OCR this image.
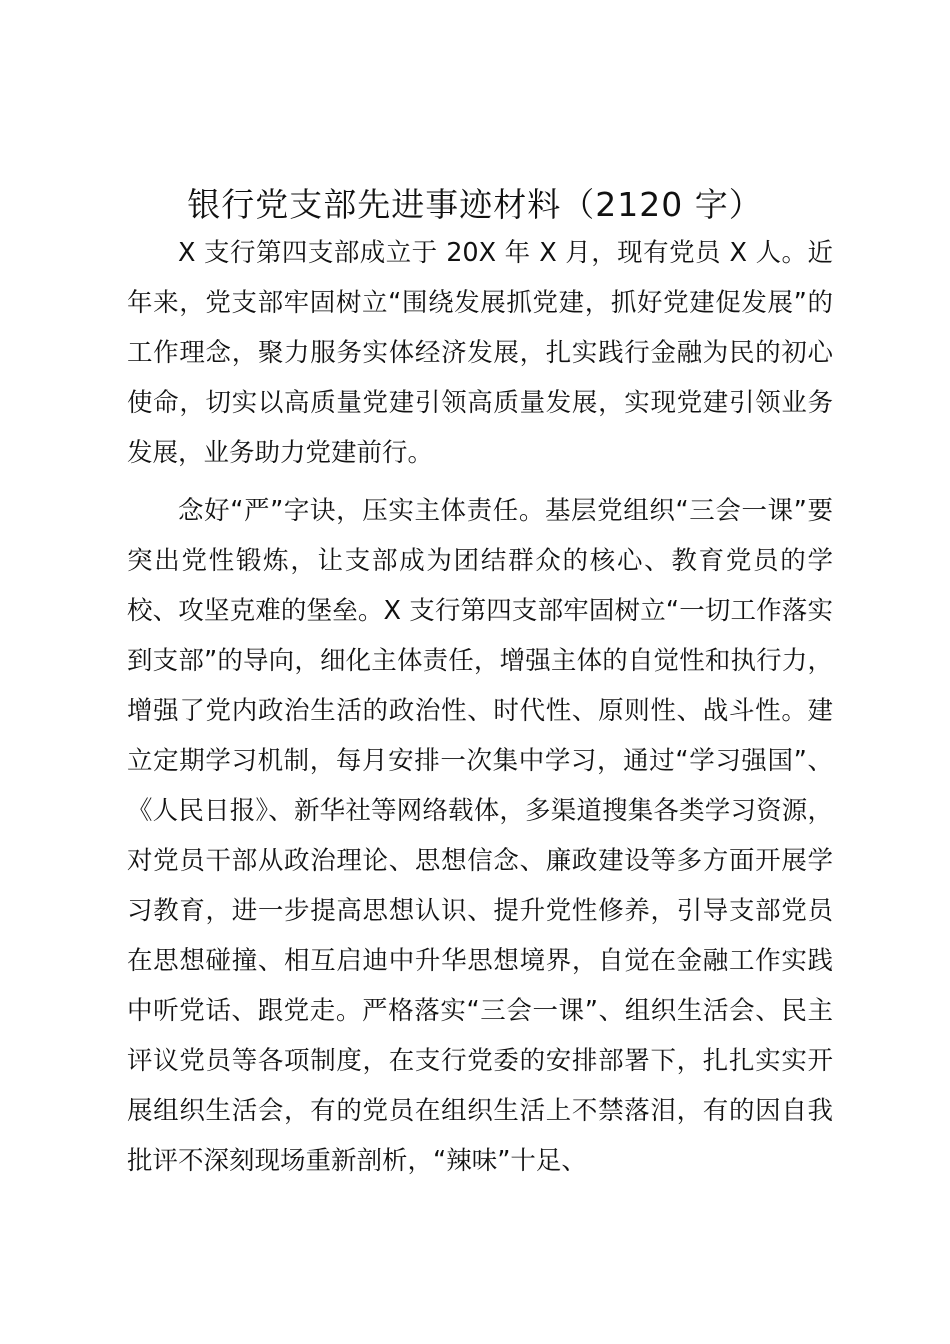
银行党支部先进事迹材料（2120 字）

X 支行第四支部成立于 20X 年 X 月，现有党员 X 人。近年来，党支部牢固树立“围绕发展抓党建，抓好党建促发展”的工作理念，聚力服务实体经济发展，扎实践行金融为民的初心使命，切实以高质量党建引领高质量发展，实现党建引领业务发展，业务助力党建前行。

念好“严”字诀，压实主体责任。基层党组织“三会一课”要突出党性锻炼，让支部成为团结群众的核心、教育党员的学校、攻坚克难的堡垒。X 支行第四支部牢固树立“一切工作落实到支部”的导向，细化主体责任，增强主体的自觉性和执行力，增强了党内政治生活的政治性、时代性、原则性、战斗性。建立定期学习机制，每月安排一次集中学习，通过“学习强国”、《人民日报》、新华社等网络载体，多渠道搜集各类学习资源，对党员干部从政治理论、思想信念、廉政建设等多方面开展学习教育，进一步提高思想认识、提升党性修养，引导支部党员在思想碰撞、相互启迪中升华思想境界，自觉在金融工作实践中听党话、跟党走。严格落实“三会一课”、组织生活会、民主评议党员等各项制度，在支行党委的安排部署下，扎扎实实开展组织生活会，有的党员在组织生活上不禁落泪，有的因自我批评不深刻现场重新剖析，“辣味”十足、
